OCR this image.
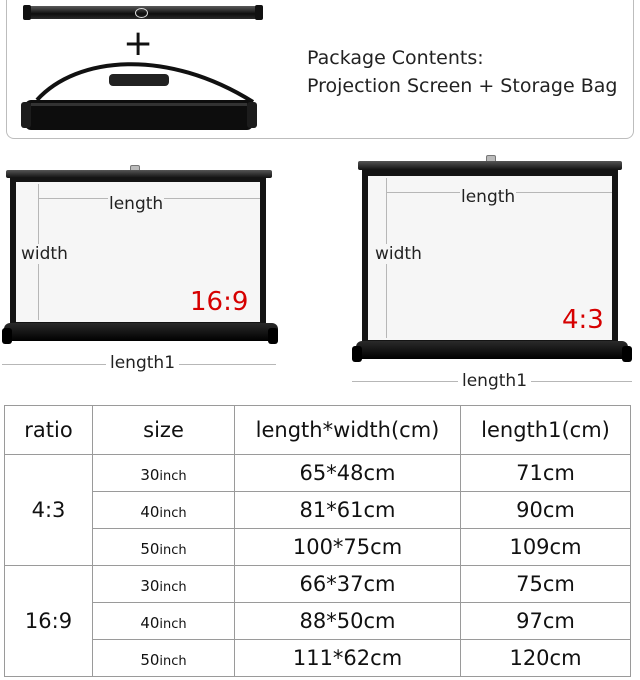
+	Package Contents:
Projection Screen + Storage Bag
length
width
16:9
length1
length
width
4:3
length1
ratio	size	length*width(cm)	length1(cm)
4:3	30inch	65*48cm	71cm
	40inch	81*61cm	90cm
	50inch	100*75cm	109cm
16:9	30inch	66*37cm	75cm
	40inch	88*50cm	97cm
	50inch	111*62cm	120cm
